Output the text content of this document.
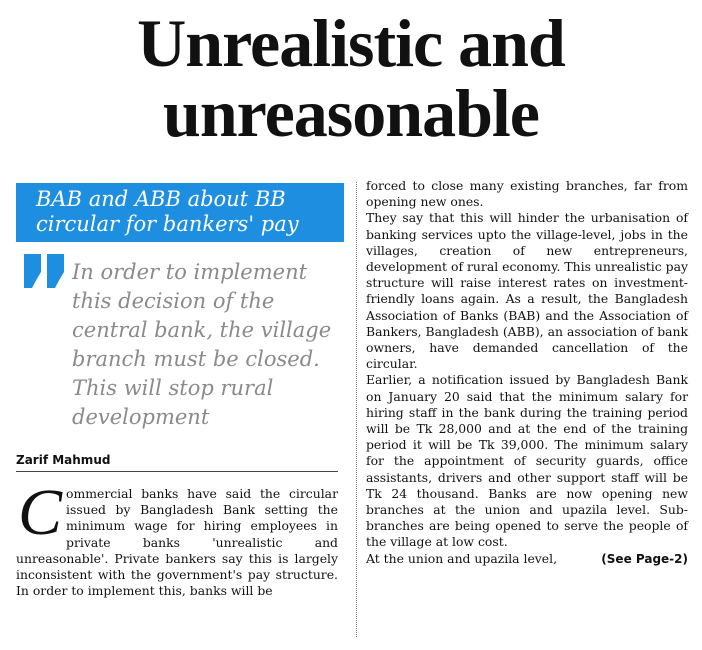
Unrealistic and
unreasonable
BAB and ABB about BB
circular for bankers' pay
In order to implement
this decision of the
central bank, the village
branch must be closed.
This will stop rural
development
Zarif Mahmud
C ommercial banks have said the circular issued by Bangladesh Bank setting the minimum wage for hiring employees in private banks 'unrealistic and unreasonable'. Private bankers say this is largely inconsistent with the government's pay structure. In order to implement this, banks will be

forced to close many existing branches, far from opening new ones.

They say that this will hinder the urbanisation of banking services upto the village-level, jobs in the villages, creation of new entrepreneurs, development of rural economy. This unrealistic pay structure will raise interest rates on investment-friendly loans again. As a result, the Bangladesh Association of Banks (BAB) and the Association of Bankers, Bangladesh (ABB), an association of bank owners, have demanded cancellation of the circular.

Earlier, a notification issued by Bangladesh Bank on January 20 said that the minimum salary for hiring staff in the bank during the training period will be Tk 28,000 and at the end of the training period it will be Tk 39,000. The minimum salary for the appointment of security guards, office assistants, drivers and other support staff will be Tk 24 thousand. Banks are now opening new branches at the union and upazila level. Sub-branches are being opened to serve the people of the village at low cost.

At the union and upazila level,	(See Page-2)
